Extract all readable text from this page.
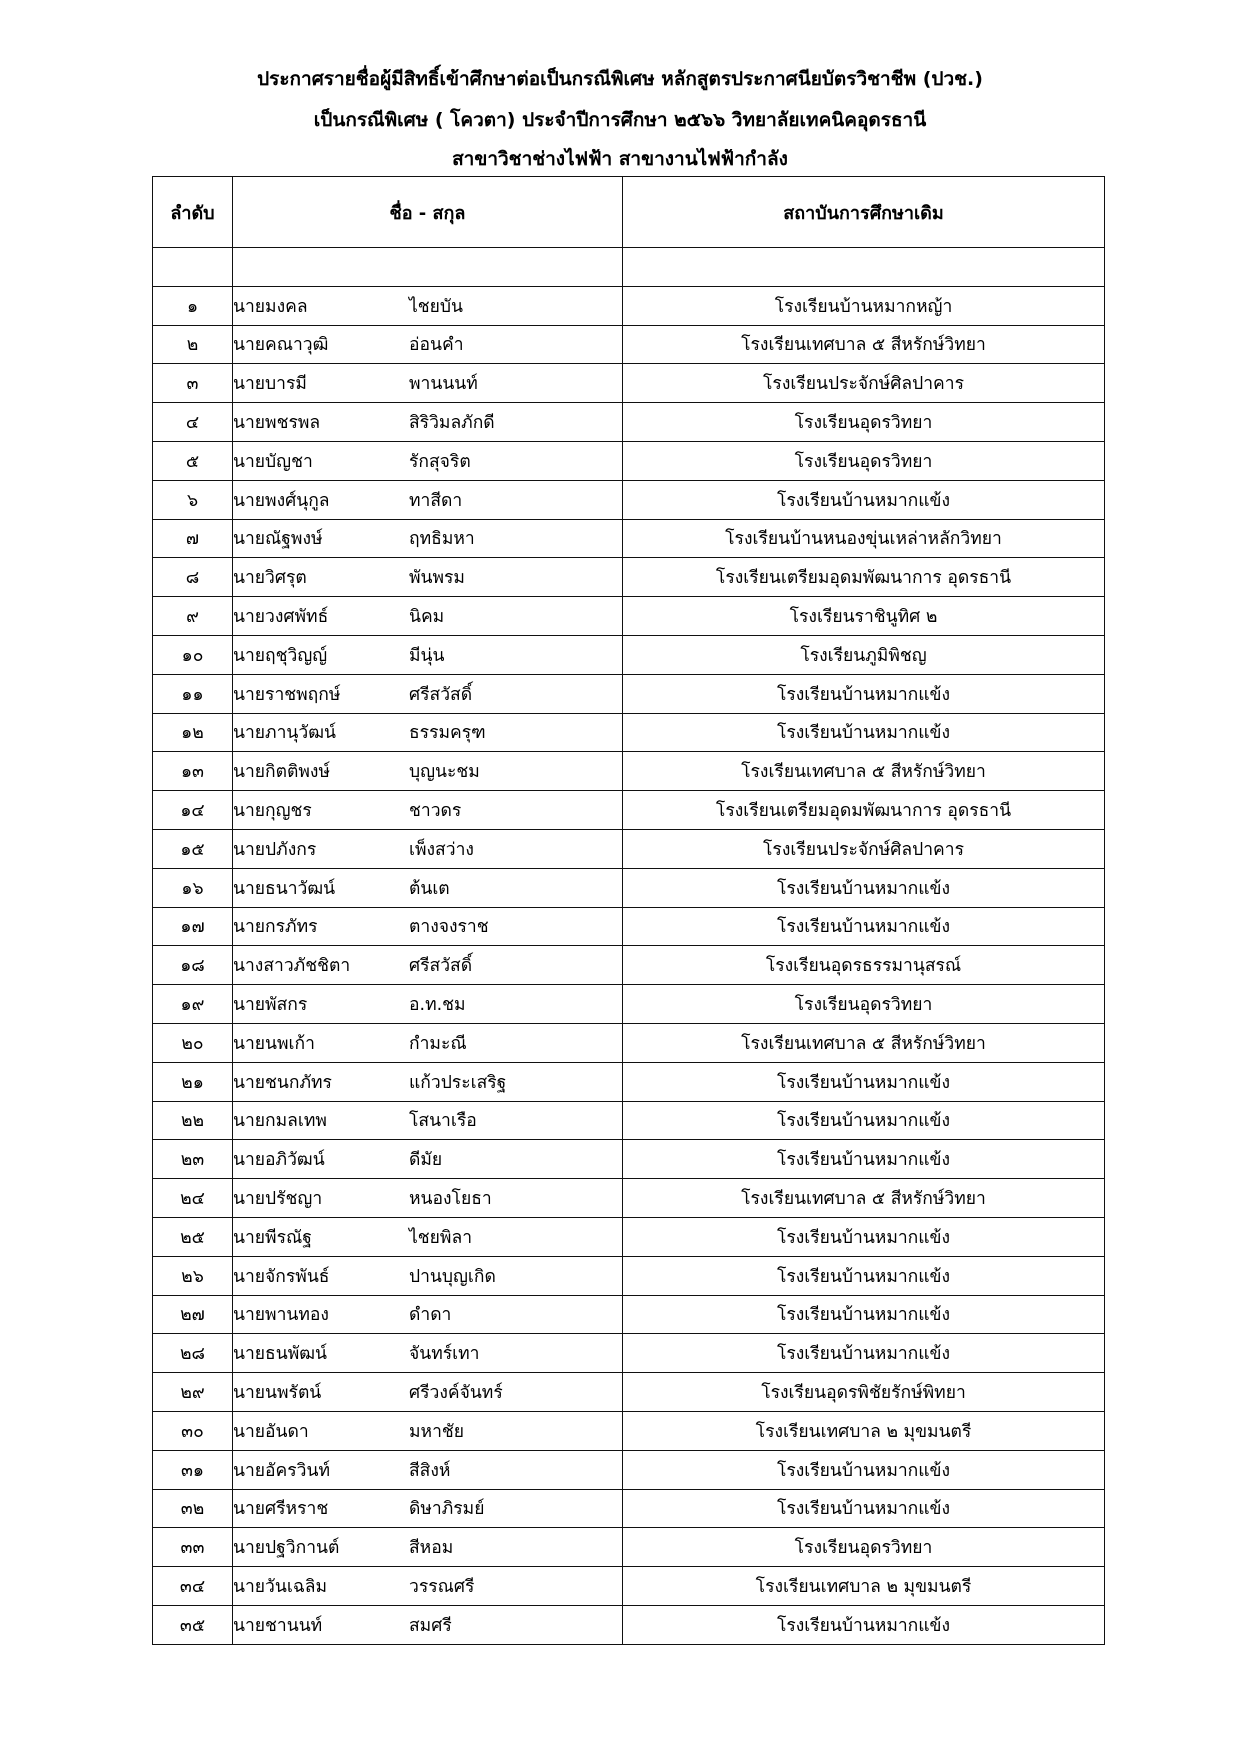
ประกาศรายชื่อผู้มีสิทธิ์เข้าศึกษาต่อเป็นกรณีพิเศษ หลักสูตรประกาศนียบัตรวิชาชีพ (ปวช.)
เป็นกรณีพิเศษ ( โควตา) ประจำปีการศึกษา ๒๕๖๖ วิทยาลัยเทคนิคอุดรธานี
สาขาวิชาช่างไฟฟ้า สาขางานไฟฟ้ากำลัง
ลำดับ	ชื่อ - สกุล	สถาบันการศึกษาเดิม

๑	นายมงคล ไชยบัน	โรงเรียนบ้านหมากหญ้า
๒	นายคณาวุฒิ อ่อนคำ	โรงเรียนเทศบาล ๕ สีหรักษ์วิทยา
๓	นายบารมี พานนนท์	โรงเรียนประจักษ์ศิลปาคาร
๔	นายพชรพล สิริวิมลภักดี	โรงเรียนอุดรวิทยา
๕	นายบัญชา รักสุจริต	โรงเรียนอุดรวิทยา
๖	นายพงศ์นุกูล ทาสีดา	โรงเรียนบ้านหมากแข้ง
๗	นายณัฐพงษ์ ฤทธิมหา	โรงเรียนบ้านหนองขุ่นเหล่าหลักวิทยา
๘	นายวิศรุต พันพรม	โรงเรียนเตรียมอุดมพัฒนาการ อุดรธานี
๙	นายวงศพัทธ์ นิคม	โรงเรียนราชินูทิศ ๒
๑๐	นายฤชุวิญญ์ มีนุ่น	โรงเรียนภูมิพิชญ
๑๑	นายราชพฤกษ์ ศรีสวัสดิ์	โรงเรียนบ้านหมากแข้ง
๑๒	นายภานุวัฒน์ ธรรมครุฑ	โรงเรียนบ้านหมากแข้ง
๑๓	นายกิตติพงษ์ บุญนะชม	โรงเรียนเทศบาล ๕ สีหรักษ์วิทยา
๑๔	นายกุญชร ชาวดร	โรงเรียนเตรียมอุดมพัฒนาการ อุดรธานี
๑๕	นายปภังกร เพ็งสว่าง	โรงเรียนประจักษ์ศิลปาคาร
๑๖	นายธนาวัฒน์ ต้นเต	โรงเรียนบ้านหมากแข้ง
๑๗	นายกรภัทร ตางจงราช	โรงเรียนบ้านหมากแข้ง
๑๘	นางสาวภัชชิตา ศรีสวัสดิ์	โรงเรียนอุดรธรรมานุสรณ์
๑๙	นายพัสกร อ.ท.ชม	โรงเรียนอุดรวิทยา
๒๐	นายนพเก้า กำมะณี	โรงเรียนเทศบาล ๕ สีหรักษ์วิทยา
๒๑	นายชนกภัทร แก้วประเสริฐ	โรงเรียนบ้านหมากแข้ง
๒๒	นายกมลเทพ โสนาเรือ	โรงเรียนบ้านหมากแข้ง
๒๓	นายอภิวัฒน์ ดีมัย	โรงเรียนบ้านหมากแข้ง
๒๔	นายปรัชญา หนองโยธา	โรงเรียนเทศบาล ๕ สีหรักษ์วิทยา
๒๕	นายพีรณัฐ ไชยพิลา	โรงเรียนบ้านหมากแข้ง
๒๖	นายจักรพันธ์ ปานบุญเกิด	โรงเรียนบ้านหมากแข้ง
๒๗	นายพานทอง ดำดา	โรงเรียนบ้านหมากแข้ง
๒๘	นายธนพัฒน์ จันทร์เทา	โรงเรียนบ้านหมากแข้ง
๒๙	นายนพรัตน์ ศรีวงค์จันทร์	โรงเรียนอุดรพิชัยรักษ์พิทยา
๓๐	นายอันดา มหาชัย	โรงเรียนเทศบาล ๒ มุขมนตรี
๓๑	นายอัครวินท์ สีสิงห์	โรงเรียนบ้านหมากแข้ง
๓๒	นายศรีหราช ดิษาภิรมย์	โรงเรียนบ้านหมากแข้ง
๓๓	นายปฐวิกานต์ สีหอม	โรงเรียนอุดรวิทยา
๓๔	นายวันเฉลิม วรรณศรี	โรงเรียนเทศบาล ๒ มุขมนตรี
๓๕	นายชานนท์ สมศรี	โรงเรียนบ้านหมากแข้ง
